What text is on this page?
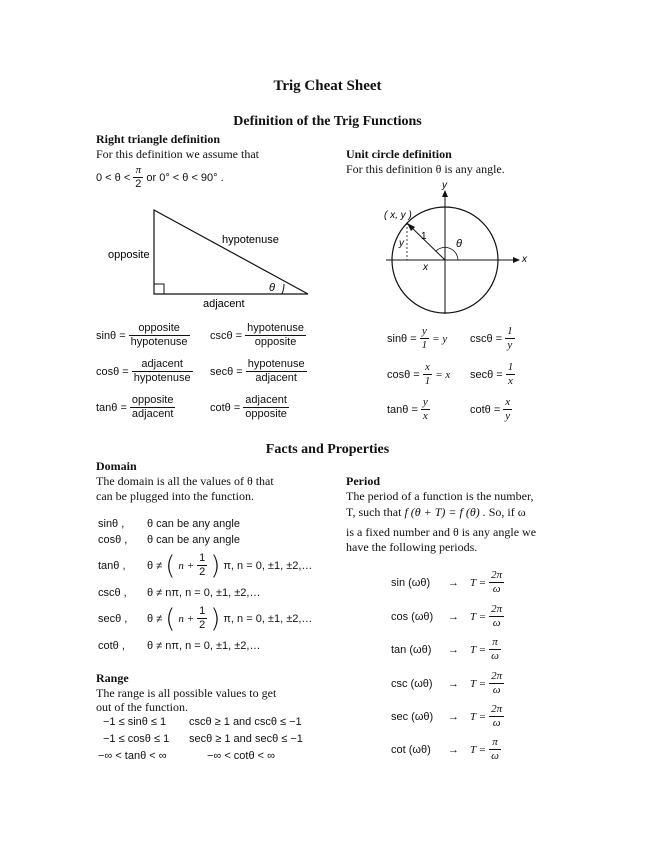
Trig Cheat Sheet
Definition of the Trig Functions
Right triangle definition
For this definition we assume that
$0 < \theta < \frac{\pi}{2}$ or 0° < θ < 90° .
opposite
hypotenuse
adjacent
θ
$\sin\theta = \frac{\text{opposite}}{\text{hypotenuse}}$ $\csc\theta = \frac{\text{hypotenuse}}{\text{opposite}}$
$\cos\theta = \frac{\text{adjacent}}{\text{hypotenuse}}$ $\sec\theta = \frac{\text{hypotenuse}}{\text{adjacent}}$
$\tan\theta = \frac{\text{opposite}}{\text{adjacent}}$	$\cot\theta = \frac{\text{adjacent}}{\text{opposite}}$
Unit circle definition
For this definition θ is any angle.
( x, y )
y
x
1
θ
x
y
$\sin\theta = \frac{y}{1} = y$ $\csc\theta = \frac{1}{y}$
$\cos\theta = \frac{x}{1} = x$ $\sec\theta = \frac{1}{x}$
$\tan\theta = \frac{y}{x}$	$\cot\theta = \frac{x}{y}$
Facts and Properties
Domain
The domain is all the values of θ that
can be plugged into the function.
sinθ ,	θ can be any angle
cosθ ,	θ can be any angle
tanθ ,	θ ≠ ( $n + \frac{1}{2}$ ) π, n = 0, ±1, ±2,…
cscθ ,	θ ≠ nπ, n = 0, ±1, ±2,…
secθ ,	θ ≠ ( $n + \frac{1}{2}$ ) π, n = 0, ±1, ±2,…
cotθ ,	θ ≠ nπ, n = 0, ±1, ±2,…
Range
The range is all possible values to get
out of the function.
−1 ≤ sinθ ≤ 1 cscθ ≥ 1 and cscθ ≤ −1
−1 ≤ cosθ ≤ 1 secθ ≥ 1 and secθ ≤ −1
−∞ < tanθ < ∞	−∞ < cotθ < ∞
Period
The period of a function is the number,
T, such that f (θ + T) = f (θ) . So, if ω
is a fixed number and θ is any angle we
have the following periods.
sin (ωθ)	→ $T = \frac{2\pi}{\omega}$
cos (ωθ)	→ $T = \frac{2\pi}{\omega}$
tan (ωθ)	→ $T = \frac{\pi}{\omega}$
csc (ωθ)	→ $T = \frac{2\pi}{\omega}$
sec (ωθ)	→ $T = \frac{2\pi}{\omega}$
cot (ωθ)	→ $T = \frac{\pi}{\omega}$
